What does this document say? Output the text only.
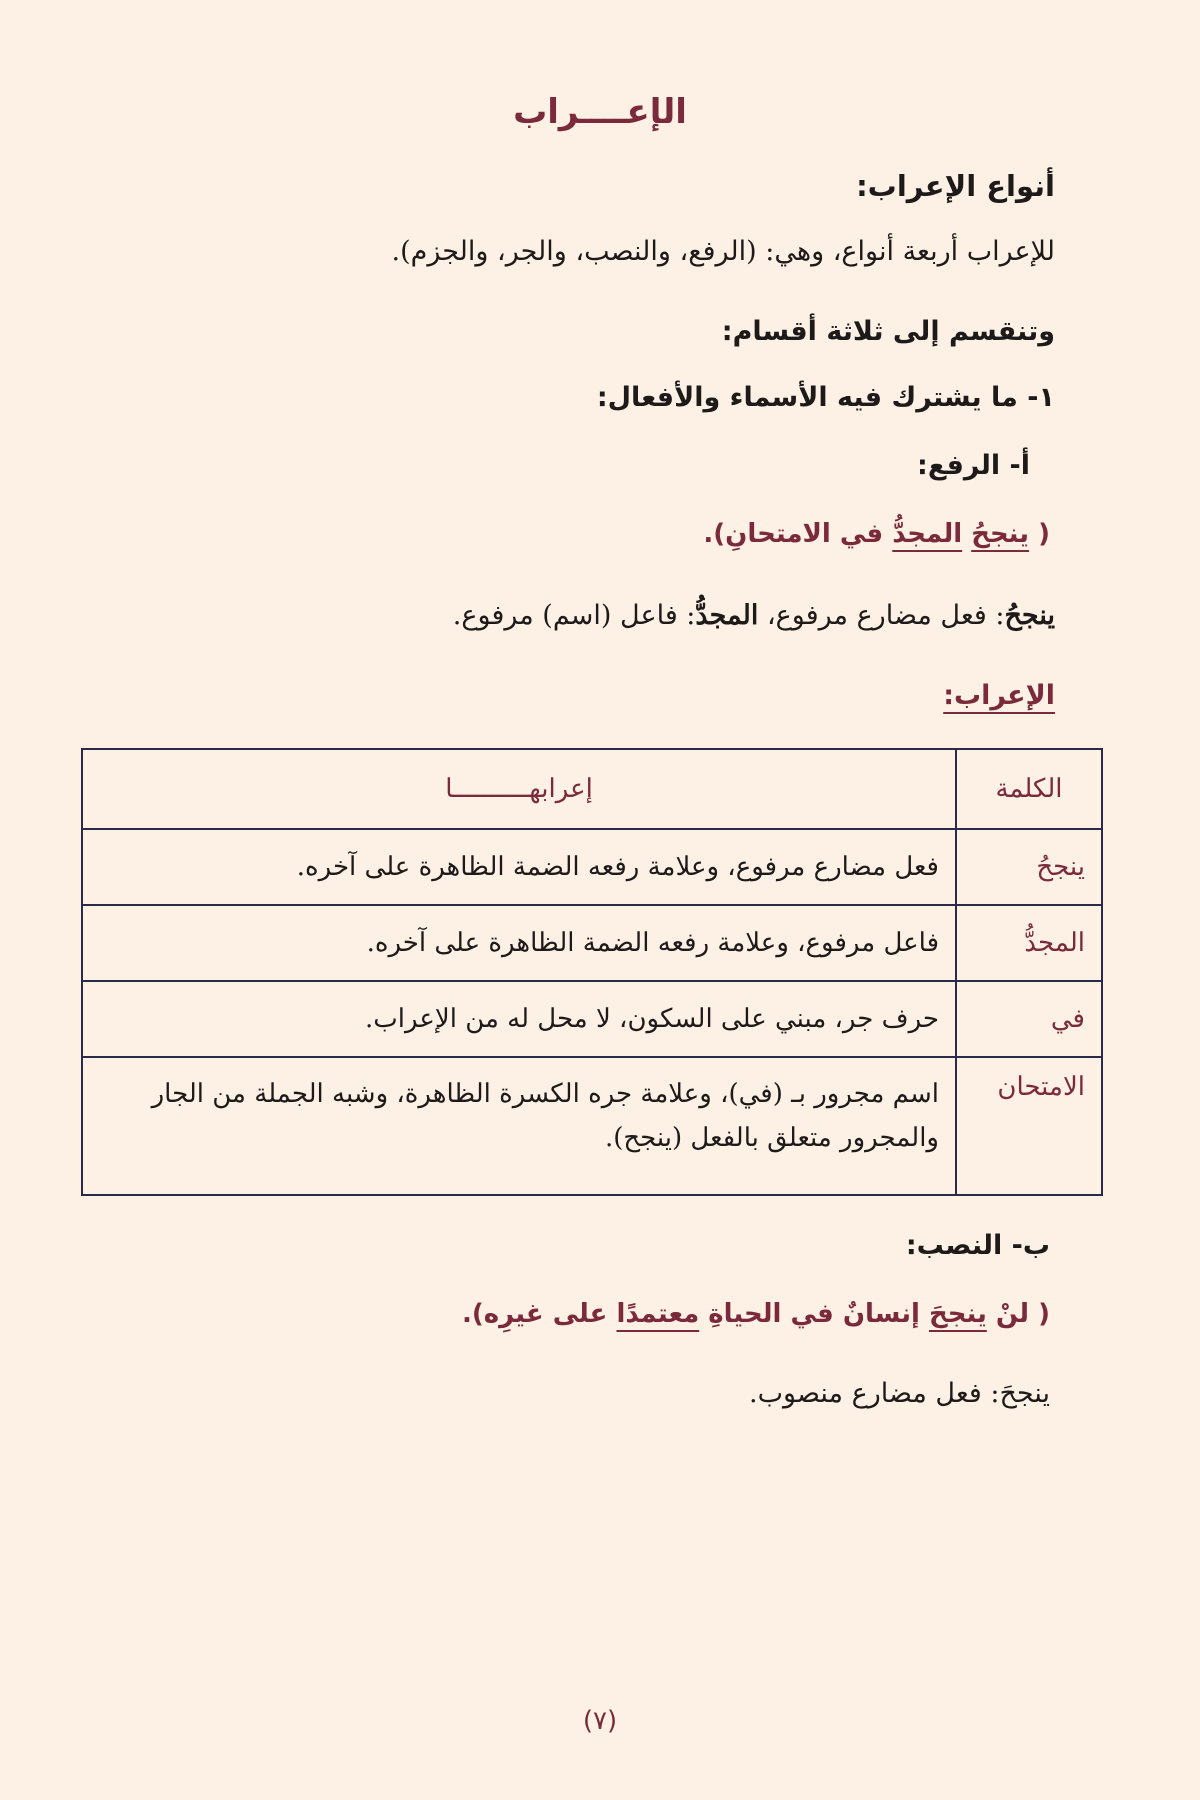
الإعــــراب
أنواع الإعراب:
للإعراب أربعة أنواع، وهي: (الرفع، والنصب، والجر، والجزم).
وتنقسم إلى ثلاثة أقسام:
١- ما يشترك فيه الأسماء والأفعال:
أ- الرفع:
( ينجحُ المجدُّ في الامتحانِ).
ينجحُ: فعل مضارع مرفوع، المجدُّ: فاعل (اسم) مرفوع.
الإعراب:
الكلمة	إعرابهــــــــــا
ينجحُ	فعل مضارع مرفوع، وعلامة رفعه الضمة الظاهرة على آخره.
المجدُّ	فاعل مرفوع، وعلامة رفعه الضمة الظاهرة على آخره.
في	حرف جر، مبني على السكون، لا محل له من الإعراب.
الامتحان	اسم مجرور بـ (في)، وعلامة جره الكسرة الظاهرة، وشبه الجملة من الجار والمجرور متعلق بالفعل (ينجح).
ب- النصب:
( لنْ ينجحَ إنسانٌ في الحياةِ معتمدًا على غيرِه).
ينجحَ: فعل مضارع منصوب.
(٧)
